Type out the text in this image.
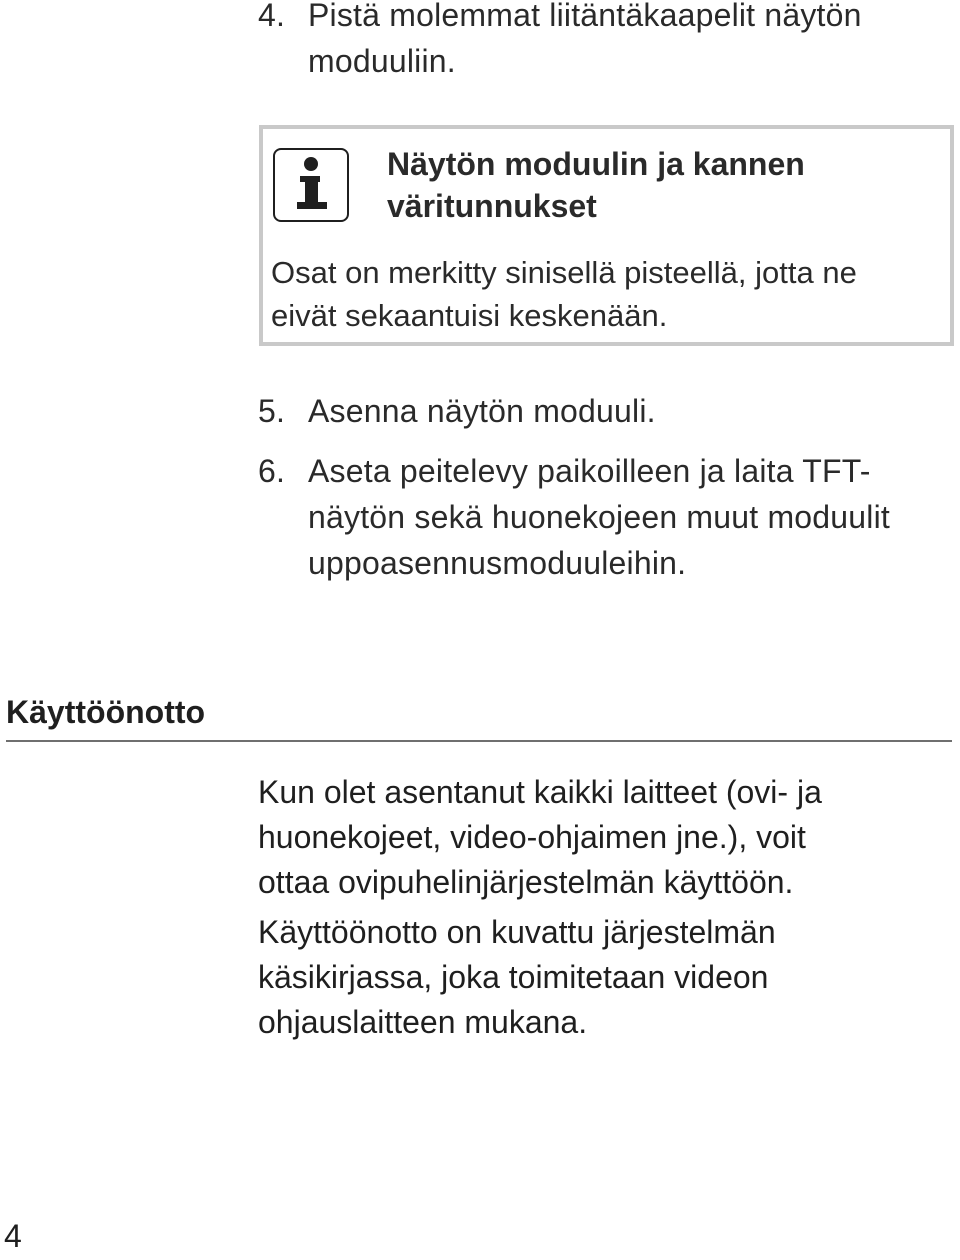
4. Pistä molemmat liitäntäkaapelit näytön moduuliin.
Näytön moduulin ja kannen
väritunnukset
Osat on merkitty sinisellä pisteellä, jotta ne
eivät sekaantuisi keskenään.
5. Asenna näytön moduuli.
6. Aseta peitelevy paikoilleen ja laita TFT-näytön sekä huonekojeen muut moduulit uppoasennusmoduuleihin.
Käyttöönotto
Kun olet asentanut kaikki laitteet (ovi- ja
huonekojeet, video-ohjaimen jne.), voit
ottaa ovipuhelinjärjestelmän käyttöön.
Käyttöönotto on kuvattu järjestelmän
käsikirjassa, joka toimitetaan videon
ohjauslaitteen mukana.
4
